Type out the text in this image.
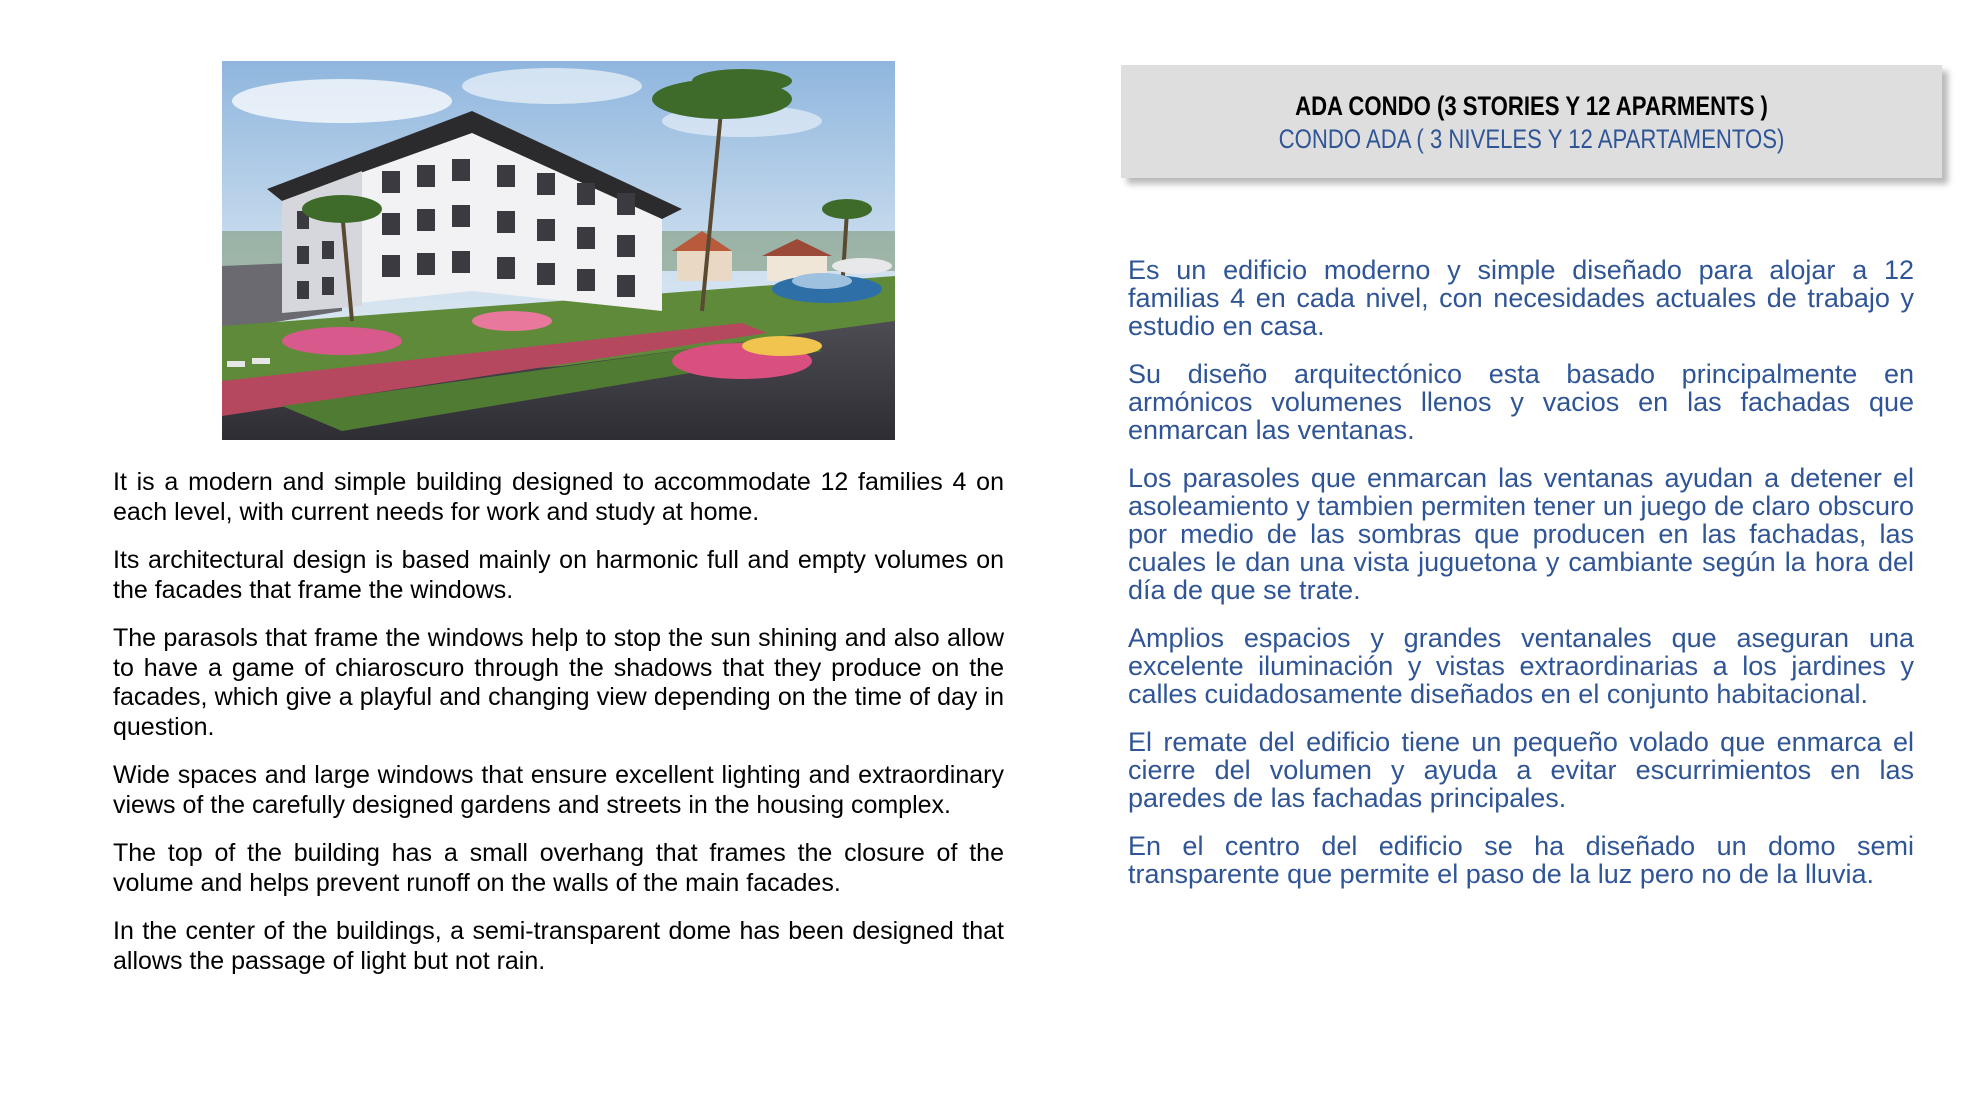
It is a modern and simple building designed to accommodate 12 families 4 on each level, with current needs for work and study at home.

Its architectural design is based mainly on harmonic full and empty volumes on the facades that frame the windows.

The parasols that frame the windows help to stop the sun shining and also allow to have a game of chiaroscuro through the shadows that they produce on the facades, which give a playful and changing view depending on the time of day in question.

Wide spaces and large windows that ensure excellent lighting and extraordinary views of the carefully designed gardens and streets in the housing complex.

The top of the building has a small overhang that frames the closure of the volume and helps prevent runoff on the walls of the main facades.

In the center of the buildings, a semi-transparent dome has been designed that allows the passage of light but not rain.

ADA CONDO (3 STORIES Y 12 APARMENTS )
CONDO ADA ( 3 NIVELES Y 12 APARTAMENTOS)

Es un edificio moderno y simple diseñado para alojar a 12 familias 4 en cada nivel, con necesidades actuales de trabajo y estudio en casa.

Su diseño arquitectónico esta basado principalmente en armónicos volumenes llenos y vacios en las fachadas que enmarcan las ventanas.

Los parasoles que enmarcan las ventanas ayudan a detener el asoleamiento y tambien permiten tener un juego de claro obscuro por medio de las sombras que producen en las fachadas, las cuales le dan una vista juguetona y cambiante según la hora del día de que se trate.

Amplios espacios y grandes ventanales que aseguran una excelente iluminación y vistas extraordinarias a los jardines y calles cuidadosamente diseñados en el conjunto habitacional.

El remate del edificio tiene un pequeño volado que enmarca el cierre del volumen y ayuda a evitar escurrimientos en las paredes de las fachadas principales.

En el centro del edificio se ha diseñado un domo semi transparente que permite el paso de la luz pero no de la lluvia.
